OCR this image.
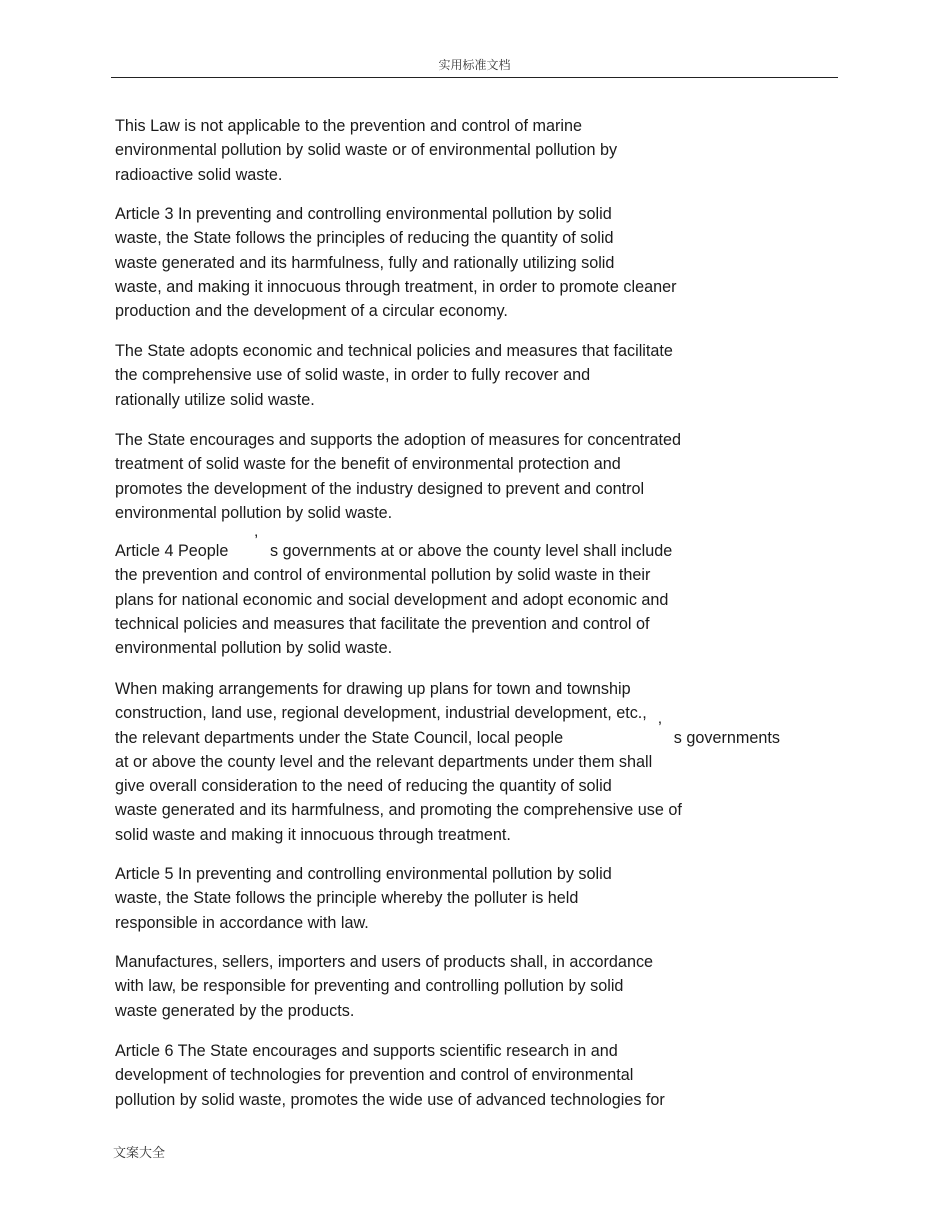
实用标准文档
This Law is not applicable to the prevention and control of marine
environmental pollution by solid waste or of environmental pollution by
radioactive solid waste.
Article 3 In preventing and controlling environmental pollution by solid
waste, the State follows the principles of reducing the quantity of solid
waste generated and its harmfulness, fully and rationally utilizing solid
waste, and making it innocuous through treatment, in order to promote cleaner
production and the development of a circular economy.
The State adopts economic and technical policies and measures that facilitate
the comprehensive use of solid waste, in order to fully recover and
rationally utilize solid waste.
The State encourages and supports the adoption of measures for concentrated
treatment of solid waste for the benefit of environmental protection and
promotes the development of the industry designed to prevent and control
environmental pollution by solid waste.
Article 4 People’s governments at or above the county level shall include
the prevention and control of environmental pollution by solid waste in their
plans for national economic and social development and adopt economic and
technical policies and measures that facilitate the prevention and control of
environmental pollution by solid waste.
When making arrangements for drawing up plans for town and township
construction, land use, regional development, industrial development, etc.,
the relevant departments under the State Council, local people’s governments
at or above the county level and the relevant departments under them shall
give overall consideration to the need of reducing the quantity of solid
waste generated and its harmfulness, and promoting the comprehensive use of
solid waste and making it innocuous through treatment.
Article 5 In preventing and controlling environmental pollution by solid
waste, the State follows the principle whereby the polluter is held
responsible in accordance with law.
Manufactures, sellers, importers and users of products shall, in accordance
with law, be responsible for preventing and controlling pollution by solid
waste generated by the products.
Article 6 The State encourages and supports scientific research in and
development of technologies for prevention and control of environmental
pollution by solid waste, promotes the wide use of advanced technologies for
文案大全
